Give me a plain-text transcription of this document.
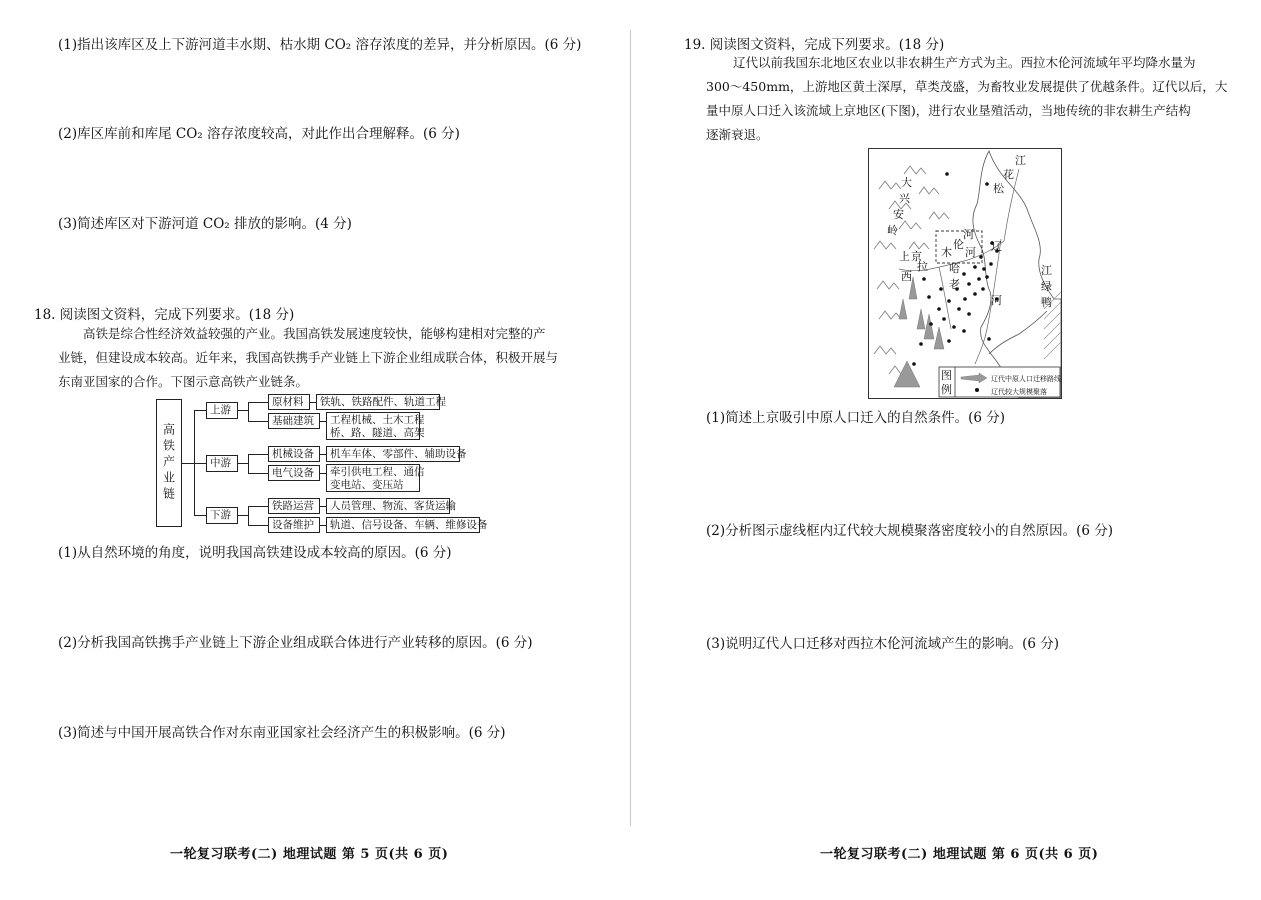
(1)指出该库区及上下游河道丰水期、枯水期 CO₂ 溶存浓度的差异，并分析原因。(6 分)
(2)库区库前和库尾 CO₂ 溶存浓度较高，对此作出合理解释。(6 分)
(3)简述库区对下游河道 CO₂ 排放的影响。(4 分)
18. 阅读图文资料，完成下列要求。(18 分)
高铁是综合性经济效益较强的产业。我国高铁发展速度较快，能够构建相对完整的产
业链，但建设成本较高。近年来，我国高铁携手产业链上下游企业组成联合体，积极开展与
东南亚国家的合作。下图示意高铁产业链条。
高铁产业链
上游
中游
下游
原材料	铁轨、铁路配件、轨道工程
基础建筑	工程机械、土木工程
桥、路、隧道、高架
机械设备	机车车体、零部件、辅助设备
电气设备	牵引供电工程、通信
变电站、变压站
铁路运营	人员管理、物流、客货运输
设备维护	轨道、信号设备、车辆、维修设备
(1)从自然环境的角度，说明我国高铁建设成本较高的原因。(6 分)
(2)分析我国高铁携手产业链上下游企业组成联合体进行产业转移的原因。(6 分)
(3)简述与中国开展高铁合作对东南亚国家社会经济产生的积极影响。(6 分)
一轮复习联考(二) 地理试题 第 5 页(共 6 页)
19. 阅读图文资料，完成下列要求。(18 分)
辽代以前我国东北地区农业以非农耕生产方式为主。西拉木伦河流域年平均降水量为
300～450mm，上游地区黄土深厚，草类茂盛，为畜牧业发展提供了优越条件。辽代以后，大
量中原人口迁入该流域上京地区(下图)，进行农业垦殖活动，当地传统的非农耕生产结构
逐渐衰退。
大
兴
安
岭
上 京
西
拉
木
伦
河
哈
老
河 辽
河
江
花
松
江
绿
鸭
图
例
辽代中原人口迁移路线
辽代较大规模聚落
(1)简述上京吸引中原人口迁入的自然条件。(6 分)
(2)分析图示虚线框内辽代较大规模聚落密度较小的自然原因。(6 分)
(3)说明辽代人口迁移对西拉木伦河流域产生的影响。(6 分)
一轮复习联考(二) 地理试题 第 6 页(共 6 页)
